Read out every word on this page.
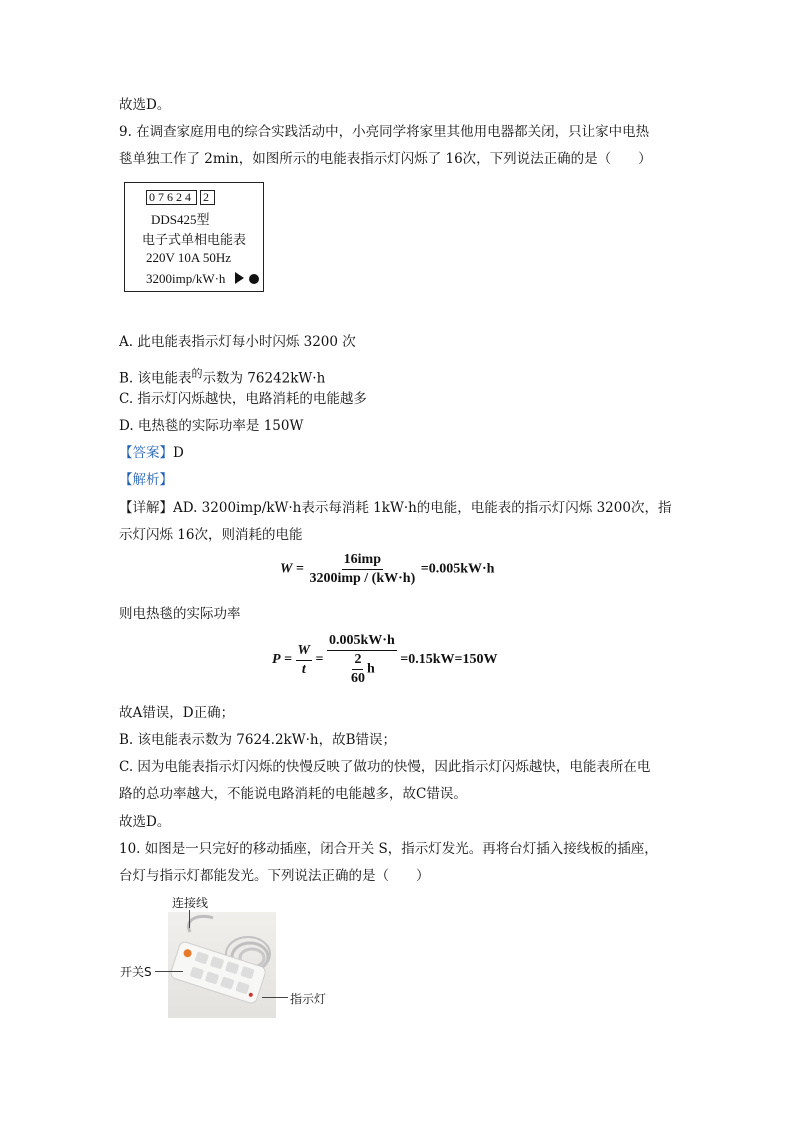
故选D。
9. 在调查家庭用电的综合实践活动中，小亮同学将家里其他用电器都关闭，只让家中电热
毯单独工作了 2min，如图所示的电能表指示灯闪烁了 16次，下列说法正确的是（　　）
07624 2
DDS425型
电子式单相电能表
220V 10A 50Hz
3200imp/kW·h
A. 此电能表指示灯每小时闪烁 3200 次
B. 该电能表$^的$示数为 76242kW·h
C. 指示灯闪烁越快，电路消耗的电能越多
D. 电热毯的实际功率是 150W
【答案】D
【解析】
【详解】AD. 3200imp/kW·h表示每消耗 1kW·h的电能，电能表的指示灯闪烁 3200次，指
示灯闪烁 16次，则消耗的电能
$W = \frac{\text{16imp}}{\text{3200imp / (kW·h)}} =0.005kW\cdot h$
则电热毯的实际功率
$P = \frac{W}{t} = \frac{0.005kW\cdot h}{\frac{2}{60} h} =0.15kW=150W$
故A错误，D正确；
B. 该电能表示数为 7624.2kW·h，故B错误；
C. 因为电能表指示灯闪烁的快慢反映了做功的快慢，因此指示灯闪烁越快，电能表所在电
路的总功率越大，不能说电路消耗的电能越多，故C错误。
故选D。
10. 如图是一只完好的移动插座，闭合开关 S，指示灯发光。再将台灯插入接线板的插座，
台灯与指示灯都能发光。下列说法正确的是（　　）
连接线
开关S
指示灯
